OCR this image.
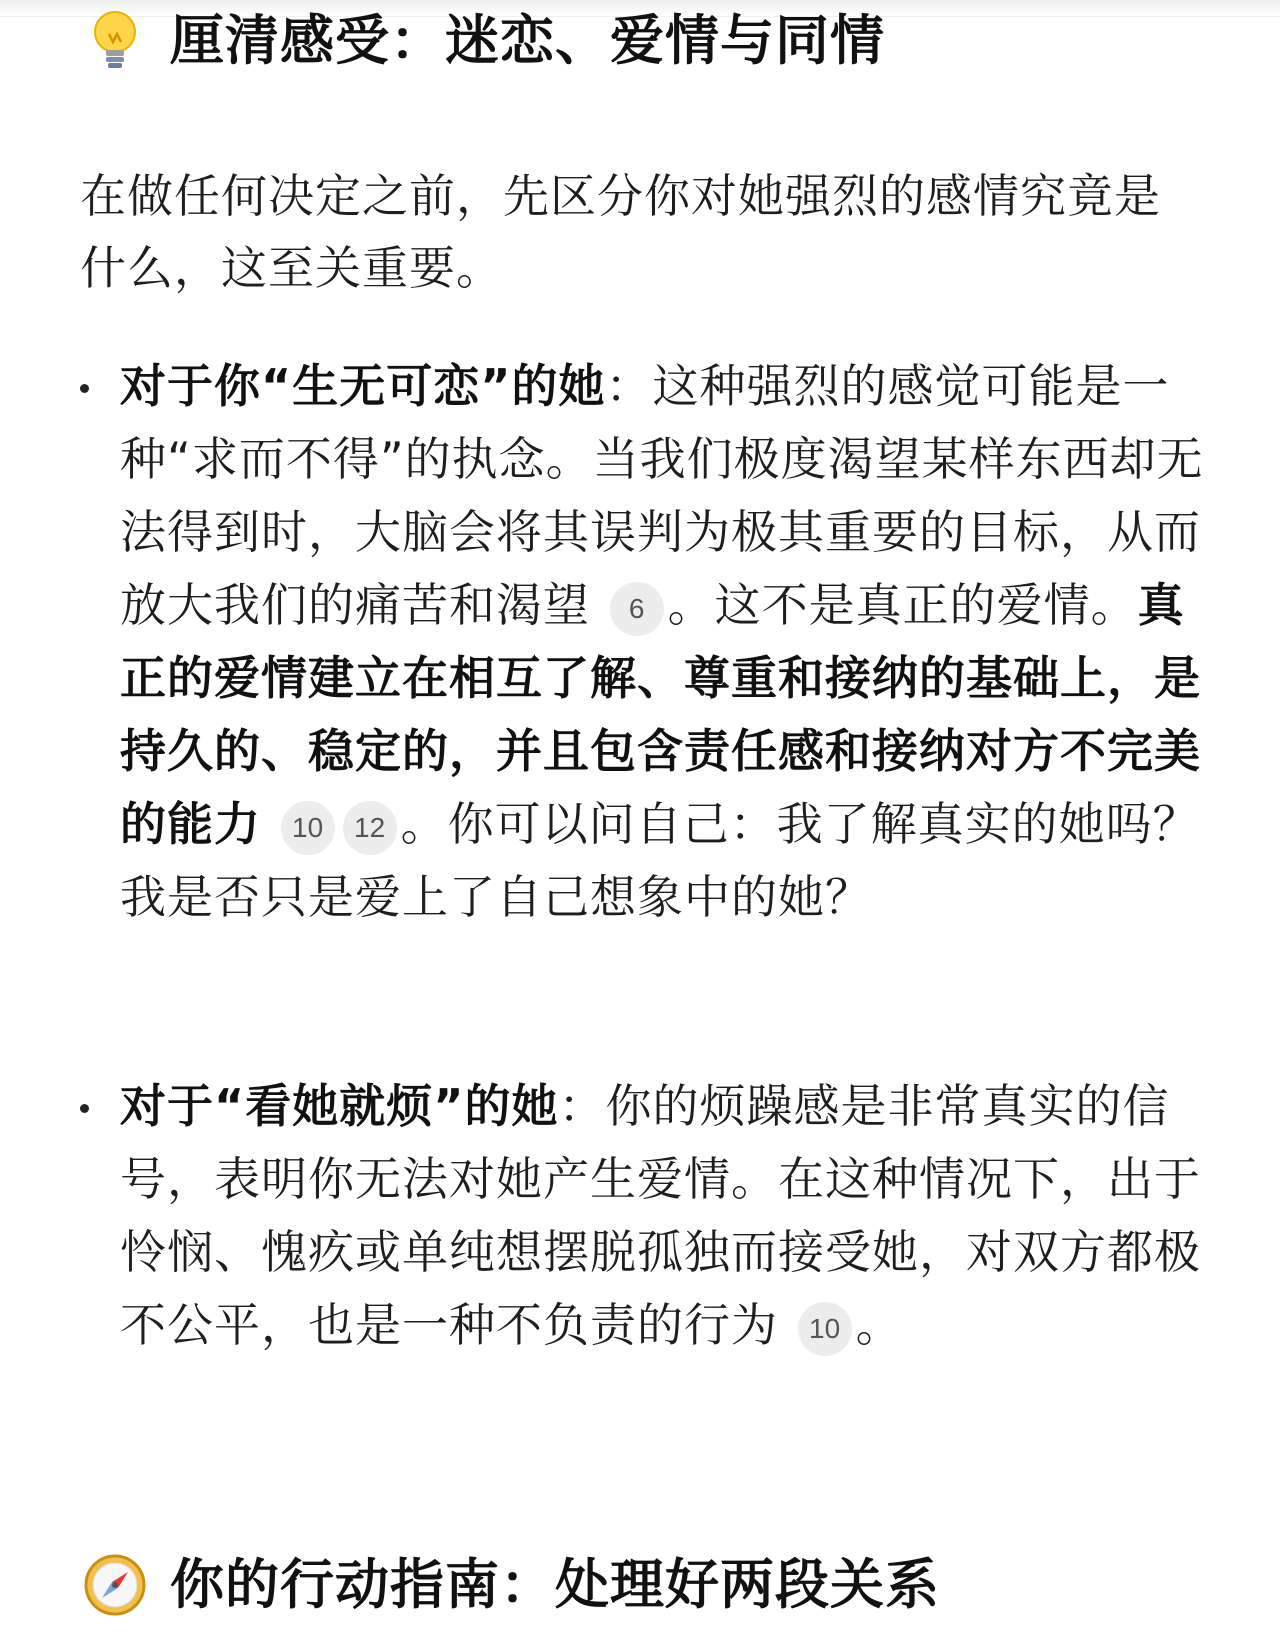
厘清感受：迷恋、爱情与同情

在做任何决定之前，先区分你对她强烈的感情究竟是什么，这至关重要。

对于你“生无可恋”的她：这种强烈的感觉可能是一种“求而不得”的执念。当我们极度渴望某样东西却无法得到时，大脑会将其误判为极其重要的目标，从而放大我们的痛苦和渴望 6 。这不是真正的爱情。真正的爱情建立在相互了解、尊重和接纳的基础上，是持久的、稳定的，并且包含责任感和接纳对方不完美的能力 10 12 。你可以问自己：我了解真实的她吗？我是否只是爱上了自己想象中的她？
对于“看她就烦”的她：你的烦躁感是非常真实的信号，表明你无法对她产生爱情。在这种情况下，出于怜悯、愧疚或单纯想摆脱孤独而接受她，对双方都极不公平，也是一种不负责的行为 10 。
你的行动指南：处理好两段关系
